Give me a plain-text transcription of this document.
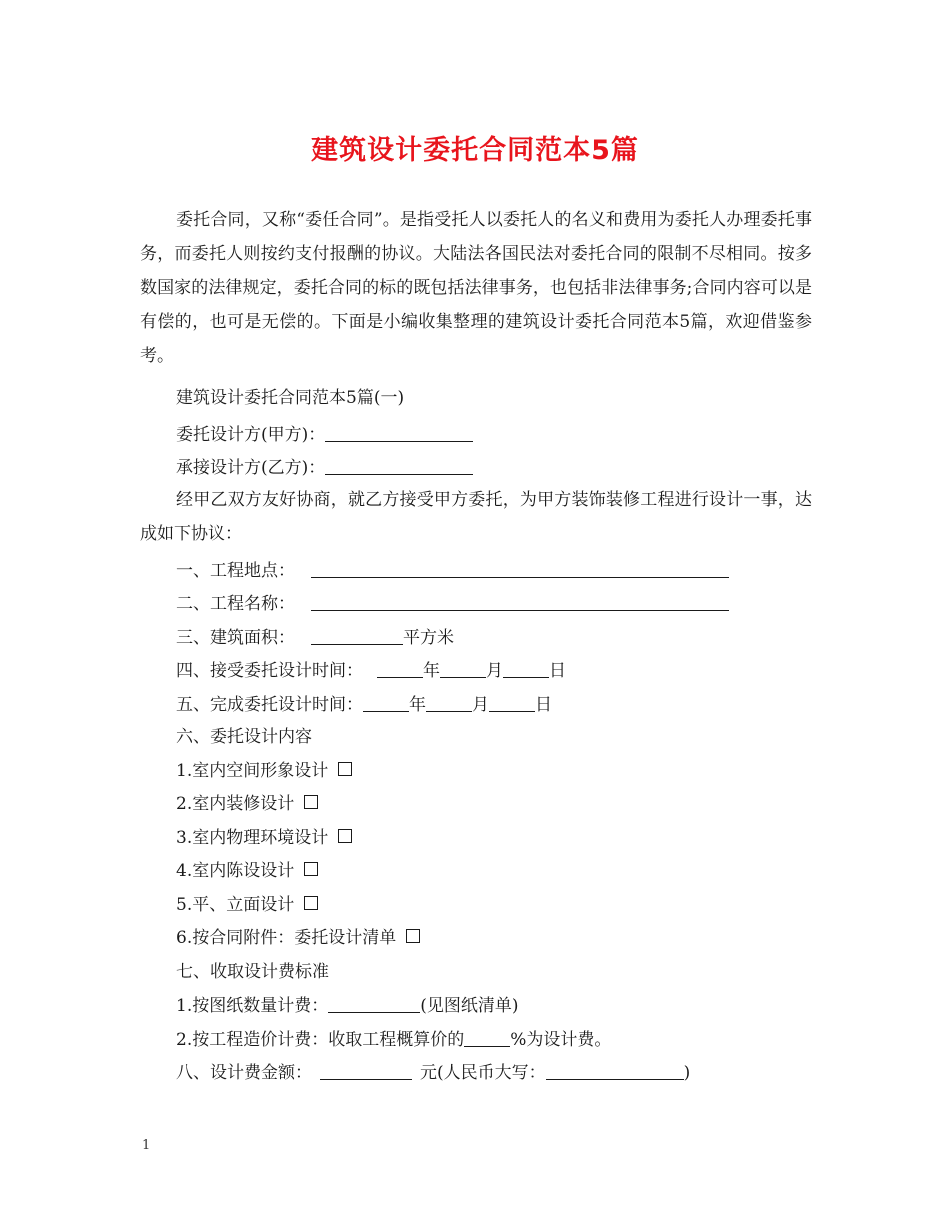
建筑设计委托合同范本5篇

委托合同，又称“委任合同”。是指受托人以委托人的名义和费用为委托人办理委托事务，而委托人则按约支付报酬的协议。大陆法各国民法对委托合同的限制不尽相同。按多数国家的法律规定，委托合同的标的既包括法律事务，也包括非法律事务;合同内容可以是有偿的，也可是无偿的。下面是小编收集整理的建筑设计委托合同范本5篇，欢迎借鉴参考。

建筑设计委托合同范本5篇(一)
委托设计方(甲方)：
承接设计方(乙方)：

经甲乙双方友好协商，就乙方接受甲方委托，为甲方装饰装修工程进行设计一事，达成如下协议：

一、工程地点：
二、工程名称：
三、建筑面积：	平方米
四、接受委托设计时间：	年	月	日
五、完成委托设计时间：	年	月	日
六、委托设计内容
1.室内空间形象设计
2.室内装修设计
3.室内物理环境设计
4.室内陈设设计
5.平、立面设计
6.按合同附件：委托设计清单
七、收取设计费标准
1.按图纸数量计费：	(见图纸清单)
2.按工程造价计费：收取工程概算价的	%为设计费。
八、设计费金额：	元(人民币大写：	)
1
